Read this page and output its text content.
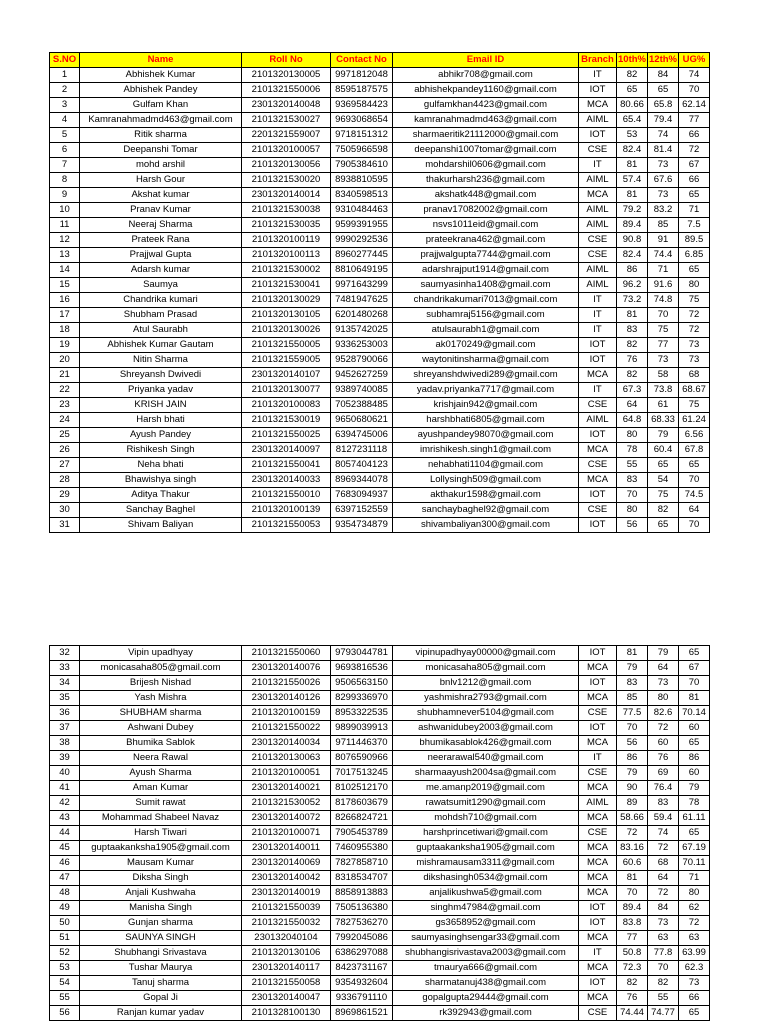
S.NO	Name	Roll No	Contact No	Email ID	Branch	10th%	12th%	UG%
1	Abhishek Kumar	2101320130005	9971812048	abhikr708@gmail.com	IT	82	84	74
2	Abhishek Pandey	2101321550006	8595187575	abhishekpandey1160@gmail.com	IOT	65	65	70
3	Gulfam Khan	2301320140048	9369584423	gulfamkhan4423@gmail.com	MCA	80.66	65.8	62.14
4	Kamranahmadmd463@gmail.com	2101321530027	9693068654	kamranahmadmd463@gmail.com	AIML	65.4	79.4	77
5	Ritik sharma	2201321559007	9718151312	sharmaeritik21112000@gmail.com	IOT	53	74	66
6	Deepanshi Tomar	2101320100057	7505966598	deepanshi1007tomar@gmail.com	CSE	82.4	81.4	72
7	mohd arshil	2101320130056	7905384610	mohdarshil0606@gmail.com	IT	81	73	67
8	Harsh Gour	2101321530020	8938810595	thakurharsh236@gmail.com	AIML	57.4	67.6	66
9	Akshat kumar	2301320140014	8340598513	akshatk448@gmail.com	MCA	81	73	65
10	Pranav Kumar	2101321530038	9310484463	pranav17082002@gmail.com	AIML	79.2	83.2	71
11	Neeraj Sharma	2101321530035	9599391955	nsvs1011eid@gmail.com	AIML	89.4	85	7.5
12	Prateek Rana	2101320100119	9990292536	prateekrana462@gmail.com	CSE	90.8	91	89.5
13	Prajjwal Gupta	2101320100113	8960277445	prajjwalgupta7744@gmail.com	CSE	82.4	74.4	6.85
14	Adarsh kumar	2101321530002	8810649195	adarshrajput1914@gmail.com	AIML	86	71	65
15	Saumya	2101321530041	9971643299	saumyasinha1408@gmail.com	AIML	96.2	91.6	80
16	Chandrika kumari	2101320130029	7481947625	chandrikakumari7013@gmail.com	IT	73.2	74.8	75
17	Shubham Prasad	2101320130105	6201480268	subhamraj5156@gmail.com	IT	81	70	72
18	Atul Saurabh	2101320130026	9135742025	atulsaurabh1@gmail.com	IT	83	75	72
19	Abhishek Kumar Gautam	2101321550005	9336253003	ak0170249@gmail.com	IOT	82	77	73
20	Nitin Sharma	2101321559005	9528790066	waytonitinsharma@gmail.com	IOT	76	73	73
21	Shreyansh Dwivedi	2301320140107	9452627259	shreyanshdwivedi289@gmail.com	MCA	82	58	68
22	Priyanka yadav	2101320130077	9389740085	yadav.priyanka7717@gmail.com	IT	67.3	73.8	68.67
23	KRISH JAIN	2101320100083	7052388485	krishjain942@gmail.com	CSE	64	61	75
24	Harsh bhati	2101321530019	9650680621	harshbhati6805@gmail.com	AIML	64.8	68.33	61.24
25	Ayush Pandey	2101321550025	6394745006	ayushpandey98070@gmail.com	IOT	80	79	6.56
26	Rishikesh Singh	2301320140097	8127231118	imrishikesh.singh1@gmail.com	MCA	78	60.4	67.8
27	Neha bhati	2101321550041	8057404123	nehabhati1104@gmail.com	CSE	55	65	65
28	Bhawishya singh	2301320140033	8969344078	Lollysingh509@gmail.com	MCA	83	54	70
29	Aditya Thakur	2101321550010	7683094937	akthakur1598@gmail.com	IOT	70	75	74.5
30	Sanchay Baghel	2101320100139	6397152559	sanchaybaghel92@gmail.com	CSE	80	82	64
31	Shivam Baliyan	2101321550053	9354734879	shivambaliyan300@gmail.com	IOT	56	65	70
32	Vipin upadhyay	2101321550060	9793044781	vipinupadhyay00000@gmail.com	IOT	81	79	65
33	monicasaha805@gmail.com	2301320140076	9693816536	monicasaha805@gmail.com	MCA	79	64	67
34	Brijesh Nishad	2101321550026	9506563150	bnlv1212@gmail.com	IOT	83	73	70
35	Yash Mishra	2301320140126	8299336970	yashmishra2793@gmail.com	MCA	85	80	81
36	SHUBHAM sharma	2101320100159	8953322535	shubhamnever5104@gmail.com	CSE	77.5	82.6	70.14
37	Ashwani Dubey	2101321550022	9899039913	ashwanidubey2003@gmail.com	IOT	70	72	60
38	Bhumika Sablok	2301320140034	9711446370	bhumikasablok426@gmail.com	MCA	56	60	65
39	Neera Rawal	2101320130063	8076590966	neerarawal540@gmail.com	IT	86	76	86
40	Ayush Sharma	2101320100051	7017513245	sharmaayush2004sa@gmail.com	CSE	79	69	60
41	Aman Kumar	2301320140021	8102512170	me.amanp2019@gmail.com	MCA	90	76.4	79
42	Sumit rawat	2101321530052	8178603679	rawatsumit1290@gmail.com	AIML	89	83	78
43	Mohammad Shabeel Navaz	2301320140072	8266824721	mohdsh710@gmail.com	MCA	58.66	59.4	61.11
44	Harsh Tiwari	2101320100071	7905453789	harshprincetiwari@gmail.com	CSE	72	74	65
45	guptaakanksha1905@gmail.com	2301320140011	7460955380	guptaakanksha1905@gmail.com	MCA	83.16	72	67.19
46	Mausam Kumar	2301320140069	7827858710	mishramausam3311@gmail.com	MCA	60.6	68	70.11
47	Diksha Singh	2301320140042	8318534707	dikshasingh0534@gmail.com	MCA	81	64	71
48	Anjali Kushwaha	2301320140019	8858913883	anjalikushwa5@gmail.com	MCA	70	72	80
49	Manisha Singh	2101321550039	7505136380	singhm47984@gmail.com	IOT	89.4	84	62
50	Gunjan sharma	2101321550032	7827536270	gs3658952@gmail.com	IOT	83.8	73	72
51	SAUNYA SINGH	230132040104	7992045086	saumyasinghsengar33@gmail.com	MCA	77	63	63
52	Shubhangi Srivastava	2101320130106	6386297088	shubhangisrivastava2003@gmail.com	IT	50.8	77.8	63.99
53	Tushar Maurya	2301320140117	8423731167	tmaurya666@gmail.com	MCA	72.3	70	62.3
54	Tanuj sharma	2101321550058	9354932604	sharmatanuj438@gmail.com	IOT	82	82	73
55	Gopal Ji	2301320140047	9336791110	gopalgupta29444@gmail.com	MCA	76	55	66
56	Ranjan kumar yadav	2101328100130	8969861521	rk392943@gmail.com	CSE	74.44	74.77	65
